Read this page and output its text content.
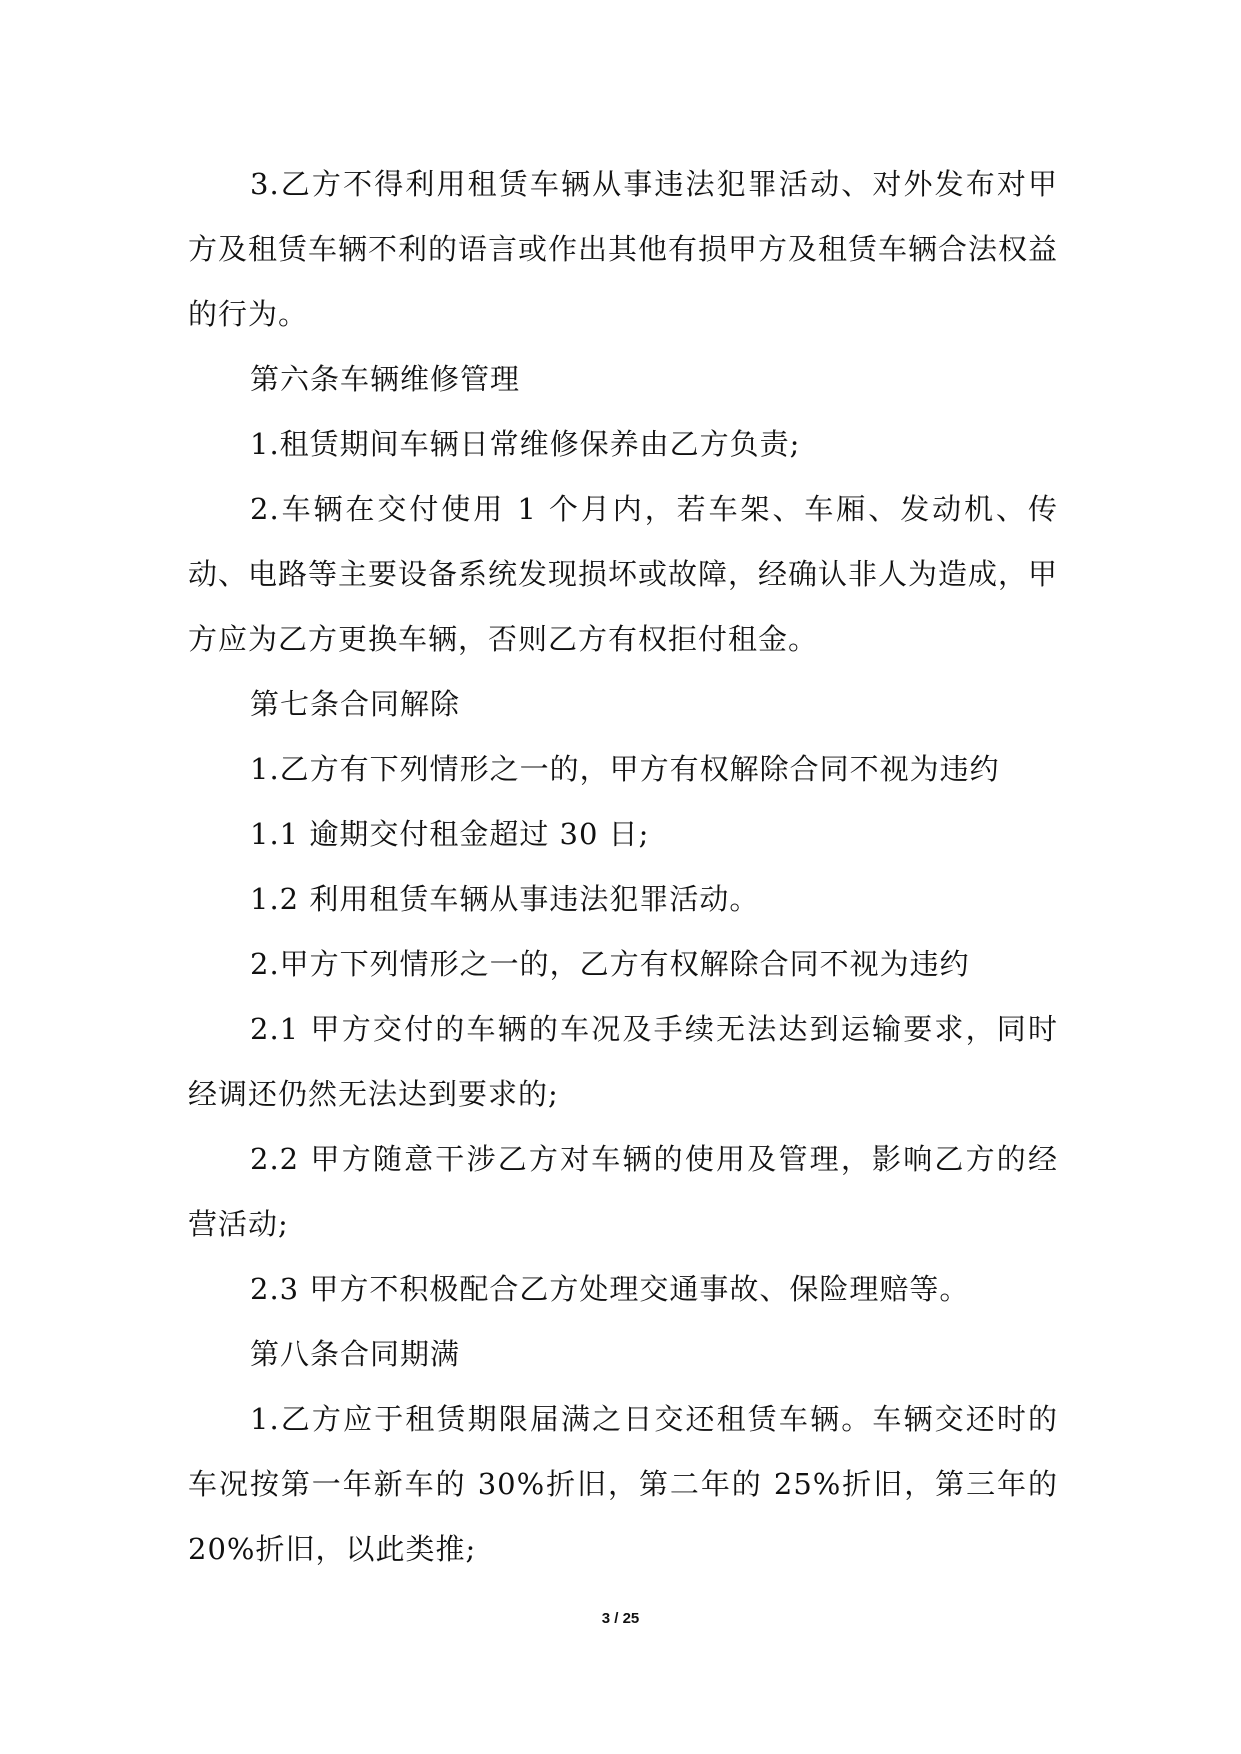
3.乙方不得利用租赁车辆从事违法犯罪活动、对外发布对甲方及租赁车辆不利的语言或作出其他有损甲方及租赁车辆合法权益的行为。

第六条车辆维修管理

1.租赁期间车辆日常维修保养由乙方负责;

2.车辆在交付使用 1 个月内，若车架、车厢、发动机、传动、电路等主要设备系统发现损坏或故障，经确认非人为造成，甲方应为乙方更换车辆，否则乙方有权拒付租金。

第七条合同解除

1.乙方有下列情形之一的，甲方有权解除合同不视为违约

1.1 逾期交付租金超过 30 日;

1.2 利用租赁车辆从事违法犯罪活动。

2.甲方下列情形之一的，乙方有权解除合同不视为违约

2.1 甲方交付的车辆的车况及手续无法达到运输要求，同时经调还仍然无法达到要求的;

2.2 甲方随意干涉乙方对车辆的使用及管理，影响乙方的经营活动;

2.3 甲方不积极配合乙方处理交通事故、保险理赔等。

第八条合同期满

1.乙方应于租赁期限届满之日交还租赁车辆。车辆交还时的车况按第一年新车的 30%折旧，第二年的 25%折旧，第三年的 20%折旧，以此类推;

3 / 25
